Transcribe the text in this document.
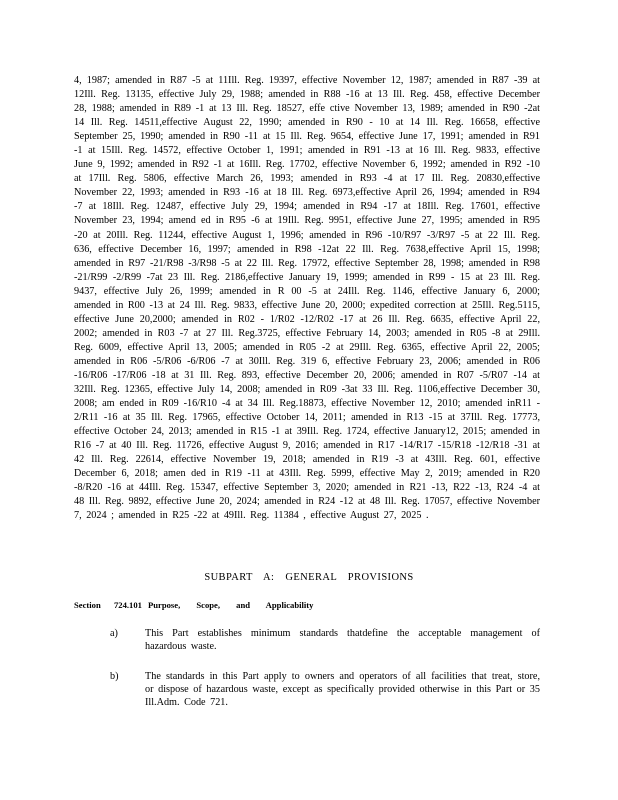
4, 1987; amended in R87 -5 at 11Ill. Reg. 19397, effective November 12, 1987; amended in R87 -39 at 12Ill. Reg. 13135, effective July 29, 1988; amended in R88 -16 at 13 Ill. Reg. 458, effective December 28, 1988; amended in R89 -1 at 13 Ill. Reg. 18527, effe ctive November 13, 1989; amended in R90 -2at 14 Ill. Reg. 14511,effective August 22, 1990; amended in R90 - 10 at 14 Ill. Reg. 16658, effective September 25, 1990; amended in R90 -11 at 15 Ill. Reg. 9654, effective June 17, 1991; amended in R91 -1 at 15Ill. Reg. 14572, effective October 1, 1991; amended in R91 -13 at 16 Ill. Reg. 9833, effective June 9, 1992; amended in R92 -1 at 16Ill. Reg. 17702, effective November 6, 1992; amended in R92 -10 at 17Ill. Reg. 5806, effective March 26, 1993; amended in R93 -4 at 17 Ill. Reg. 20830,effective November 22, 1993; amended in R93 -16 at 18 Ill. Reg. 6973,effective April 26, 1994; amended in R94 -7 at 18Ill. Reg. 12487, effective July 29, 1994; amended in R94 -17 at 18Ill. Reg. 17601, effective November 23, 1994; amend ed in R95 -6 at 19Ill. Reg. 9951, effective June 27, 1995; amended in R95 -20 at 20Ill. Reg. 11244, effective August 1, 1996; amended in R96 -10/R97 -3/R97 -5 at 22 Ill. Reg. 636, effective December 16, 1997; amended in R98 -12at 22 Ill. Reg. 7638,effective April 15, 1998; amended in R97 -21/R98 -3/R98 -5 at 22 Ill. Reg. 17972, effective September 28, 1998; amended in R98 -21/R99 -2/R99 -7at 23 Ill. Reg. 2186,effective January 19, 1999; amended in R99 - 15 at 23 Ill. Reg. 9437, effective July 26, 1999; amended in R 00 -5 at 24Ill. Reg. 1146, effective January 6, 2000; amended in R00 -13 at 24 Ill. Reg. 9833, effective June 20, 2000; expedited correction at 25Ill. Reg.5115, effective June 20,2000; amended in R02 - 1/R02 -12/R02 -17 at 26 Ill. Reg. 6635, effective April 22, 2002; amended in R03 -7 at 27 Ill. Reg.3725, effective February 14, 2003; amended in R05 -8 at 29Ill. Reg. 6009, effective April 13, 2005; amended in R05 -2 at 29Ill. Reg. 6365, effective April 22, 2005; amended in R06 -5/R06 -6/R06 -7 at 30Ill. Reg. 319 6, effective February 23, 2006; amended in R06 -16/R06 -17/R06 -18 at 31 Ill. Reg. 893, effective December 20, 2006; amended in R07 -5/R07 -14 at 32Ill. Reg. 12365, effective July 14, 2008; amended in R09 -3at 33 Ill. Reg. 1106,effective December 30, 2008; am ended in R09 -16/R10 -4 at 34 Ill. Reg.18873, effective November 12, 2010; amended inR11 - 2/R11 -16 at 35 Ill. Reg. 17965, effective October 14, 2011; amended in R13 -15 at 37Ill. Reg. 17773, effective October 24, 2013; amended in R15 -1 at 39Ill. Reg. 1724, effective January12, 2015; amended in R16 -7 at 40 Ill. Reg. 11726, effective August 9, 2016; amended in R17 -14/R17 -15/R18 -12/R18 -31 at 42 Ill. Reg. 22614, effective November 19, 2018; amended in R19 -3 at 43Ill. Reg. 601, effective December 6, 2018; amen ded in R19 -11 at 43Ill. Reg. 5999, effective May 2, 2019; amended in R20 -8/R20 -16 at 44Ill. Reg. 15347, effective September 3, 2020; amended in R21 -13, R22 -13, R24 -4 at 48 Ill. Reg. 9892, effective June 20, 2024; amended in R24 -12 at 48 Ill. Reg. 17057, effective November 7, 2024 ; amended in R25 -22 at 49Ill. Reg. 11384 , effective August 27, 2025 .
SUBPART A: GENERAL PROVISIONS
Section 724.101 Purpose, Scope, and Applicability
a)	This Part establishes minimum standards thatdefine the acceptable management of hazardous waste.
b)	The standards in this Part apply to owners and operators of all facilities that treat, store, or dispose of hazardous waste, except as specifically provided otherwise in this Part or 35 Ill.Adm. Code 721.
